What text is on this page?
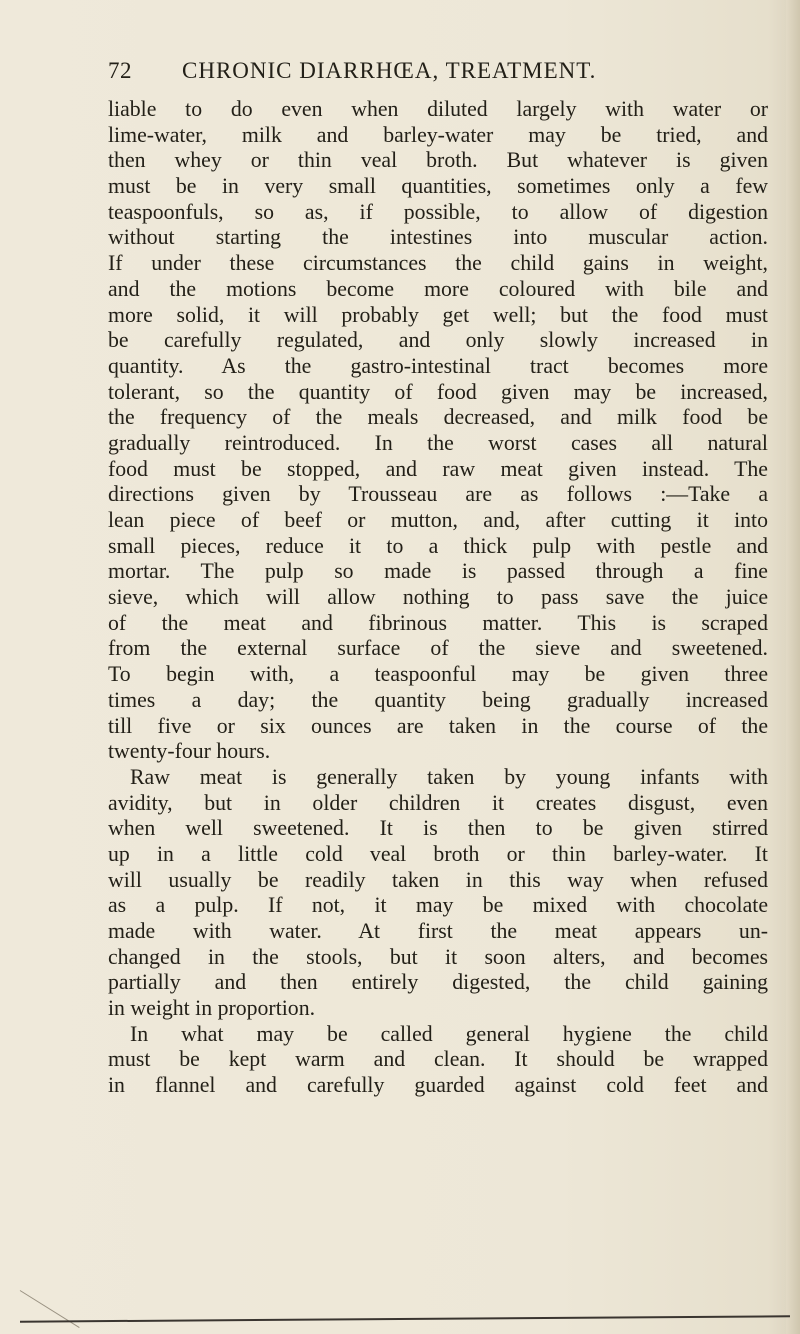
72 CHRONIC DIARRHŒA, TREATMENT.
liable to do even when diluted largely with water or
lime-water, milk and barley-water may be tried, and
then whey or thin veal broth. But whatever is given
must be in very small quantities, sometimes only a few
teaspoonfuls, so as, if possible, to allow of digestion
without starting the intestines into muscular action.
If under these circumstances the child gains in weight,
and the motions become more coloured with bile and
more solid, it will probably get well; but the food must
be carefully regulated, and only slowly increased in
quantity. As the gastro-intestinal tract becomes more
tolerant, so the quantity of food given may be increased,
the frequency of the meals decreased, and milk food be
gradually reintroduced. In the worst cases all natural
food must be stopped, and raw meat given instead. The
directions given by Trousseau are as follows :—Take a
lean piece of beef or mutton, and, after cutting it into
small pieces, reduce it to a thick pulp with pestle and
mortar. The pulp so made is passed through a fine
sieve, which will allow nothing to pass save the juice
of the meat and fibrinous matter. This is scraped
from the external surface of the sieve and sweetened.
To begin with, a teaspoonful may be given three
times a day; the quantity being gradually increased
till five or six ounces are taken in the course of the
twenty-four hours.
Raw meat is generally taken by young infants with
avidity, but in older children it creates disgust, even
when well sweetened. It is then to be given stirred
up in a little cold veal broth or thin barley-water. It
will usually be readily taken in this way when refused
as a pulp. If not, it may be mixed with chocolate
made with water. At first the meat appears un-
changed in the stools, but it soon alters, and becomes
partially and then entirely digested, the child gaining
in weight in proportion.
In what may be called general hygiene the child
must be kept warm and clean. It should be wrapped
in flannel and carefully guarded against cold feet and
